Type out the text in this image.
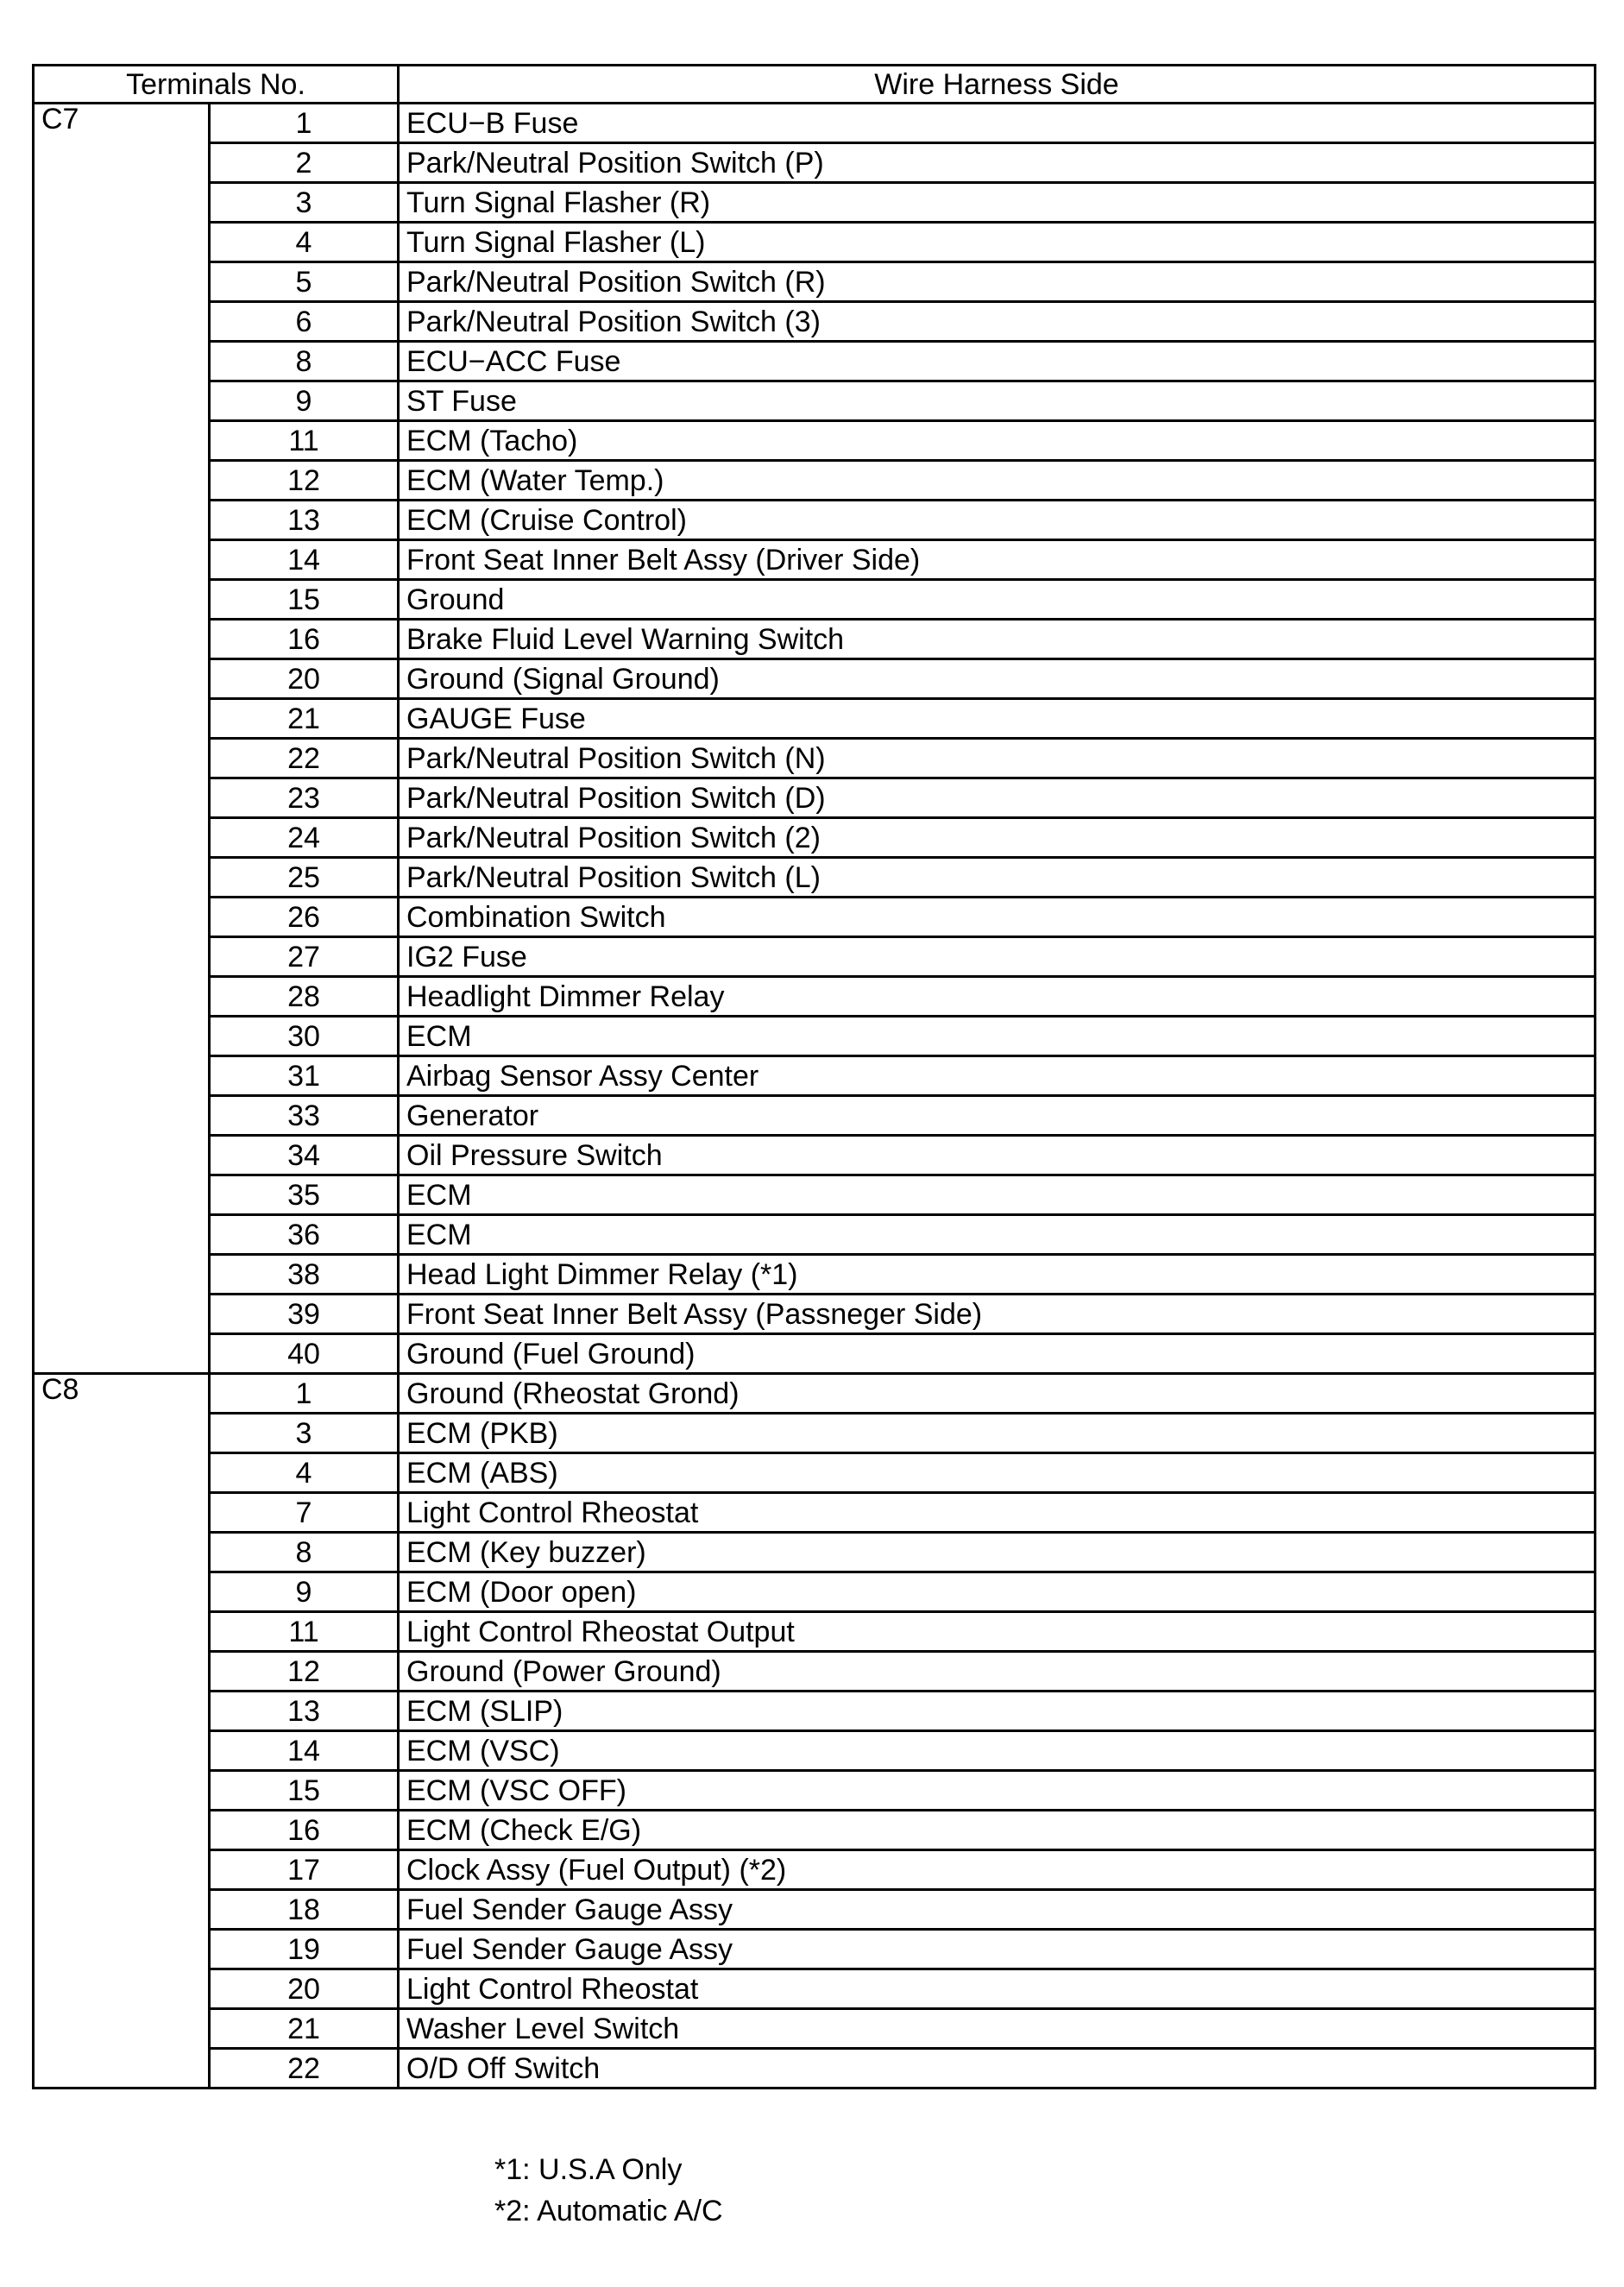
Terminals No.		Wire Harness Side
C7	1	ECU−B Fuse
	2	Park/Neutral Position Switch (P)
	3	Turn Signal Flasher (R)
	4	Turn Signal Flasher (L)
	5	Park/Neutral Position Switch (R)
	6	Park/Neutral Position Switch (3)
	8	ECU−ACC Fuse
	9	ST Fuse
	11	ECM (Tacho)
	12	ECM (Water Temp.)
	13	ECM (Cruise Control)
	14	Front Seat Inner Belt Assy (Driver Side)
	15	Ground
	16	Brake Fluid Level Warning Switch
	20	Ground (Signal Ground)
	21	GAUGE Fuse
	22	Park/Neutral Position Switch (N)
	23	Park/Neutral Position Switch (D)
	24	Park/Neutral Position Switch (2)
	25	Park/Neutral Position Switch (L)
	26	Combination Switch
	27	IG2 Fuse
	28	Headlight Dimmer Relay
	30	ECM
	31	Airbag Sensor Assy Center
	33	Generator
	34	Oil Pressure Switch
	35	ECM
	36	ECM
	38	Head Light Dimmer Relay (*1)
	39	Front Seat Inner Belt Assy (Passneger Side)
	40	Ground (Fuel Ground)
C8	1	Ground (Rheostat Grond)
	3	ECM (PKB)
	4	ECM (ABS)
	7	Light Control Rheostat
	8	ECM (Key buzzer)
	9	ECM (Door open)
	11	Light Control Rheostat Output
	12	Ground (Power Ground)
	13	ECM (SLIP)
	14	ECM (VSC)
	15	ECM (VSC OFF)
	16	ECM (Check E/G)
	17	Clock Assy (Fuel Output) (*2)
	18	Fuel Sender Gauge Assy
	19	Fuel Sender Gauge Assy
	20	Light Control Rheostat
	21	Washer Level Switch
	22	O/D Off Switch
*1: U.S.A Only
*2: Automatic A/C
